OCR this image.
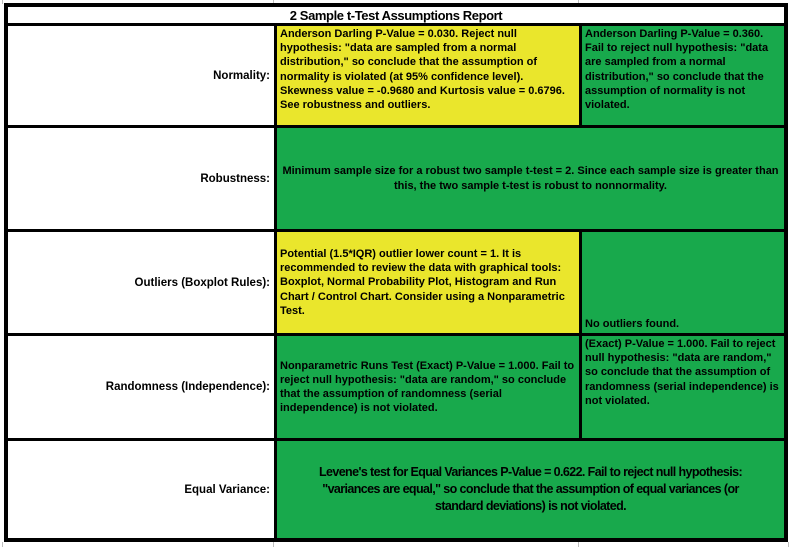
2 Sample t-Test Assumptions Report
Normality:
Anderson Darling P-Value = 0.030. Reject null hypothesis: "data are sampled from a normal distribution," so conclude that the assumption of normality is violated (at 95% confidence level). Skewness value = -0.9680 and Kurtosis value = 0.6796. See robustness and outliers.
Anderson Darling P-Value = 0.360. Fail to reject null hypothesis: "data are sampled from a normal distribution," so conclude that the assumption of normality is not violated.
Robustness:
Minimum sample size for a robust two sample t-test = 2. Since each sample size is greater than this, the two sample t-test is robust to nonnormality.
Outliers (Boxplot Rules):
Potential (1.5*IQR) outlier lower count = 1. It is recommended to review the data with graphical tools: Boxplot, Normal Probability Plot, Histogram and Run Chart / Control Chart. Consider using a Nonparametric Test.
No outliers found.
Randomness (Independence):
Nonparametric Runs Test (Exact) P-Value = 1.000. Fail to reject null hypothesis: "data are random," so conclude that the assumption of randomness (serial independence) is not violated.
(Exact) P-Value = 1.000. Fail to reject null hypothesis: "data are random," so conclude that the assumption of randomness (serial independence) is not violated.
Equal Variance:
Levene's test for Equal Variances P-Value = 0.622. Fail to reject null hypothesis: "variances are equal," so conclude that the assumption of equal variances (or standard deviations) is not violated.
